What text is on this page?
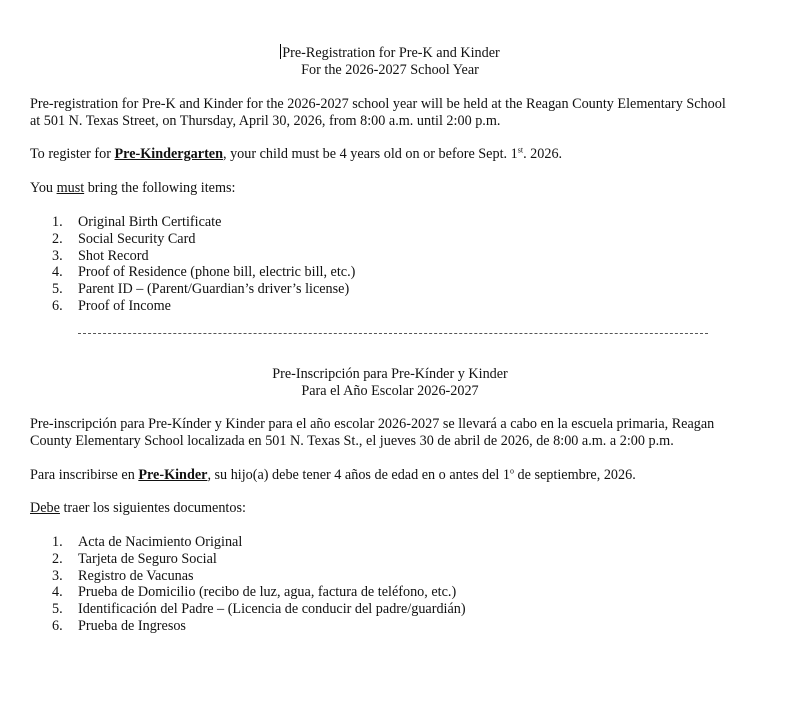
Pre-Registration for Pre-K and Kinder
For the 2026-2027 School Year
Pre-registration for Pre-K and Kinder for the 2026-2027 school year will be held at the Reagan County Elementary School
at 501 N. Texas Street, on Thursday, April 30, 2026, from 8:00 a.m. until 2:00 p.m.
To register for Pre-Kindergarten, your child must be 4 years old on or before Sept. 1st. 2026.
You must bring the following items:
1. Original Birth Certificate
2. Social Security Card
3. Shot Record
4. Proof of Residence (phone bill, electric bill, etc.)
5. Parent ID – (Parent/Guardian’s driver’s license)
6. Proof of Income
Pre-Inscripción para Pre-Kínder y Kinder
Para el Año Escolar 2026-2027
Pre-inscripción para Pre-Kínder y Kinder para el año escolar 2026-2027 se llevará a cabo en la escuela primaria, Reagan
County Elementary School localizada en 501 N. Texas St., el jueves 30 de abril de 2026, de 8:00 a.m. a 2:00 p.m.
Para inscribirse en Pre-Kinder, su hijo(a) debe tener 4 años de edad en o antes del 1$^o$ de septiembre, 2026.
Debe traer los siguientes documentos:
1. Acta de Nacimiento Original
2. Tarjeta de Seguro Social
3. Registro de Vacunas
4. Prueba de Domicilio (recibo de luz, agua, factura de teléfono, etc.)
5. Identificación del Padre – (Licencia de conducir del padre/guardián)
6. Prueba de Ingresos
